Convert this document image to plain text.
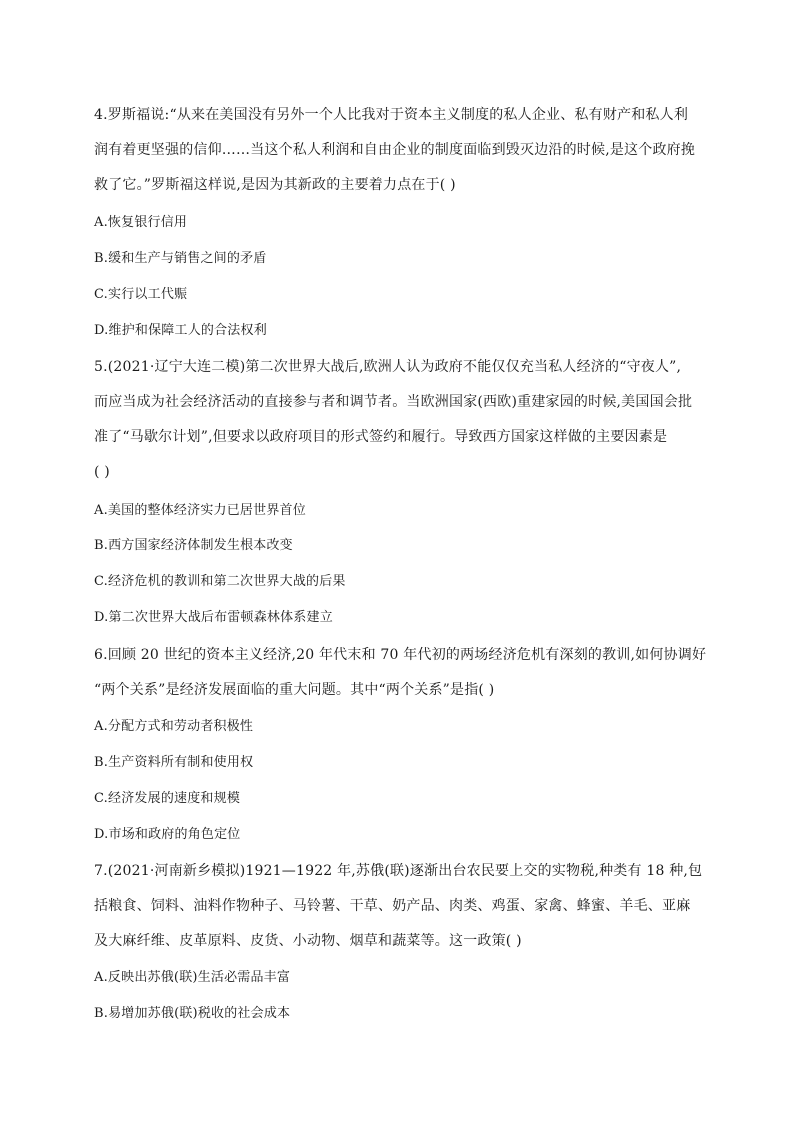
4.罗斯福说:“从来在美国没有另外一个人比我对于资本主义制度的私人企业、私有财产和私人利
润有着更坚强的信仰……当这个私人利润和自由企业的制度面临到毁灭边沿的时候,是这个政府挽
救了它。”罗斯福这样说,是因为其新政的主要着力点在于( )
A.恢复银行信用
B.缓和生产与销售之间的矛盾
C.实行以工代赈
D.维护和保障工人的合法权利
5.(2021·辽宁大连二模)第二次世界大战后,欧洲人认为政府不能仅仅充当私人经济的“守夜人”,
而应当成为社会经济活动的直接参与者和调节者。当欧洲国家(西欧)重建家园的时候,美国国会批
准了“马歇尔计划”,但要求以政府项目的形式签约和履行。导致西方国家这样做的主要因素是
( )
A.美国的整体经济实力已居世界首位
B.西方国家经济体制发生根本改变
C.经济危机的教训和第二次世界大战的后果
D.第二次世界大战后布雷顿森林体系建立
6.回顾 20 世纪的资本主义经济,20 年代末和 70 年代初的两场经济危机有深刻的教训,如何协调好
“两个关系”是经济发展面临的重大问题。其中“两个关系”是指( )
A.分配方式和劳动者积极性
B.生产资料所有制和使用权
C.经济发展的速度和规模
D.市场和政府的角色定位
7.(2021·河南新乡模拟)1921—1922 年,苏俄(联)逐渐出台农民要上交的实物税,种类有 18 种,包
括粮食、饲料、油料作物种子、马铃薯、干草、奶产品、肉类、鸡蛋、家禽、蜂蜜、羊毛、亚麻
及大麻纤维、皮革原料、皮货、小动物、烟草和蔬菜等。这一政策( )
A.反映出苏俄(联)生活必需品丰富
B.易增加苏俄(联)税收的社会成本
